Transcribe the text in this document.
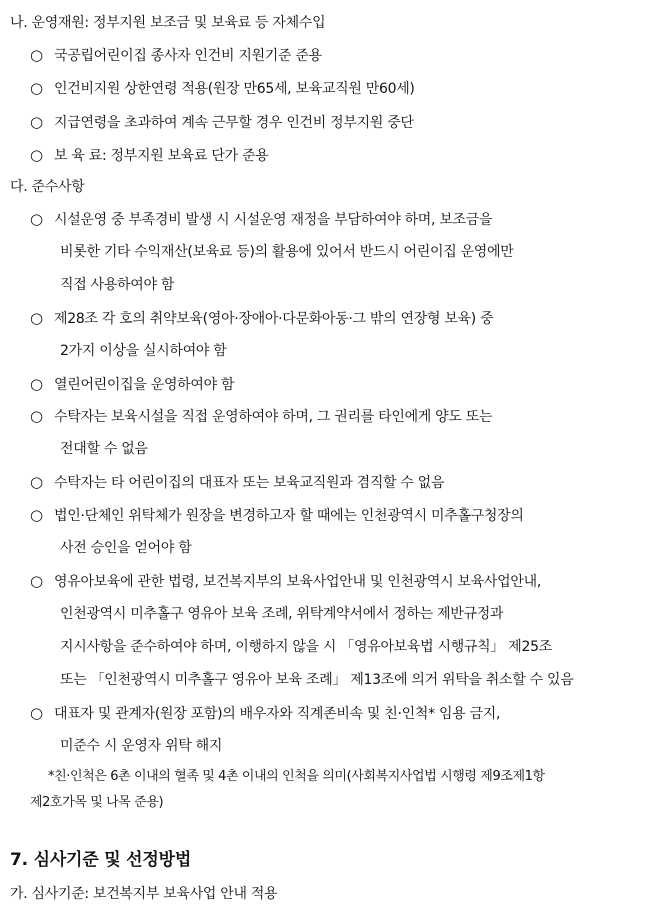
나. 운영재원: 정부지원 보조금 및 보육료 등 자체수입
○ 국공립어린이집 종사자 인건비 지원기준 준용
○ 인건비지원 상한연령 적용(원장 만65세, 보육교직원 만60세)
○ 지급연령을 초과하여 계속 근무할 경우 인건비 정부지원 중단
○ 보 육 료: 정부지원 보육료 단가 준용
다. 준수사항
○ 시설운영 중 부족경비 발생 시 시설운영 재정을 부담하여야 하며, 보조금을
비롯한 기타 수익재산(보육료 등)의 활용에 있어서 반드시 어린이집 운영에만
직접 사용하여야 함
○ 제28조 각 호의 취약보육(영아·장애아·다문화아동·그 밖의 연장형 보육) 중
2가지 이상을 실시하여야 함
○ 열린어린이집을 운영하여야 함
○ 수탁자는 보육시설을 직접 운영하여야 하며, 그 권리를 타인에게 양도 또는
전대할 수 없음
○ 수탁자는 타 어린이집의 대표자 또는 보육교직원과 겸직할 수 없음
○ 법인·단체인 위탁체가 원장을 변경하고자 할 때에는 인천광역시 미추홀구청장의
사전 승인을 얻어야 함
○ 영유아보육에 관한 법령, 보건복지부의 보육사업안내 및 인천광역시 보육사업안내,
인천광역시 미추홀구 영유아 보육 조례, 위탁계약서에서 정하는 제반규정과
지시사항을 준수하여야 하며, 이행하지 않을 시 「영유아보육법 시행규칙」 제25조
또는 「인천광역시 미추홀구 영유아 보육 조례」 제13조에 의거 위탁을 취소할 수 있음
○ 대표자 및 관계자(원장 포함)의 배우자와 직계존비속 및 친·인척* 임용 금지,
미준수 시 운영자 위탁 해지
*친·인척은 6촌 이내의 혈족 및 4촌 이내의 인척을 의미(사회복지사업법 시행령 제9조제1항
제2호가목 및 나목 준용)
7. 심사기준 및 선정방법
가. 심사기준: 보건복지부 보육사업 안내 적용
